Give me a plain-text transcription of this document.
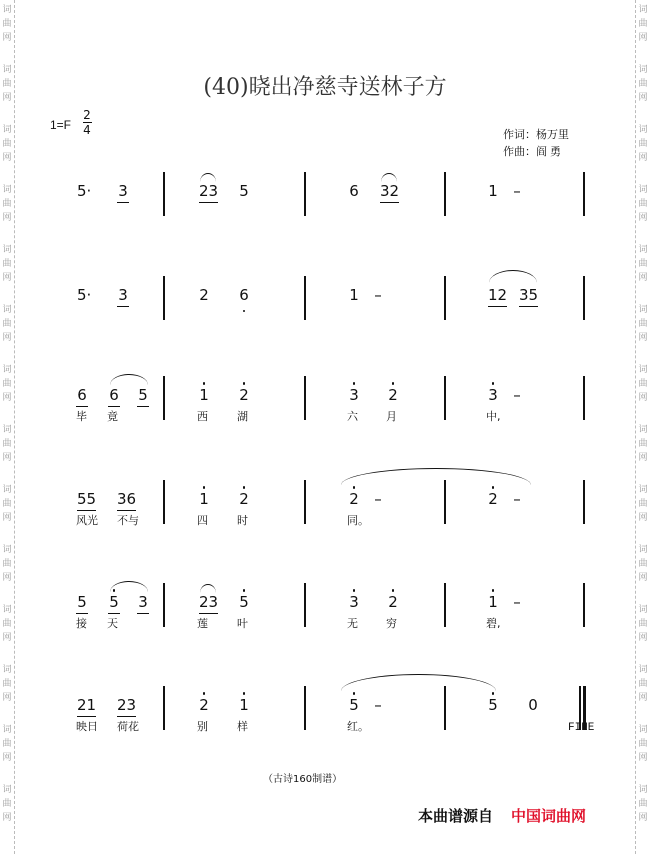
词
曲
网
词
曲
网
词
曲
网
词
曲
网
词
曲
网
词
曲
网
词
曲
网
词
曲
网
词
曲
网
词
曲
网
词
曲
网
词
曲
网
词
曲
网
词
曲
网
词
曲
网
词
曲
网
词
曲
网
词
曲
网
词
曲
网
词
曲
网
词
曲
网
词
曲
网
词
曲
网
词
曲
网
词
曲
网
词
曲
网
词
曲
网
词
曲
网
(40)晓出净慈寺送林子方
1=F
2
4	作词：杨万里
作曲：阎 勇
5· 3	23 5	6 32	1 –
5· 3	2 6	1 –	12 35
6 6 5	1 2	3 2	3 –
毕 竟	西	湖	六	月	中,
55 36	1 2	2 –	2 –
风光 不与	四	时	同。
5 5 3	23 5	3 2	1 –
接 天	莲	叶	无	穷	碧,
21 23	2 1	5 –	5 0
映日 荷花	别	样	红。	FINE
（古诗160制谱）
本曲谱源自 中国词曲网
